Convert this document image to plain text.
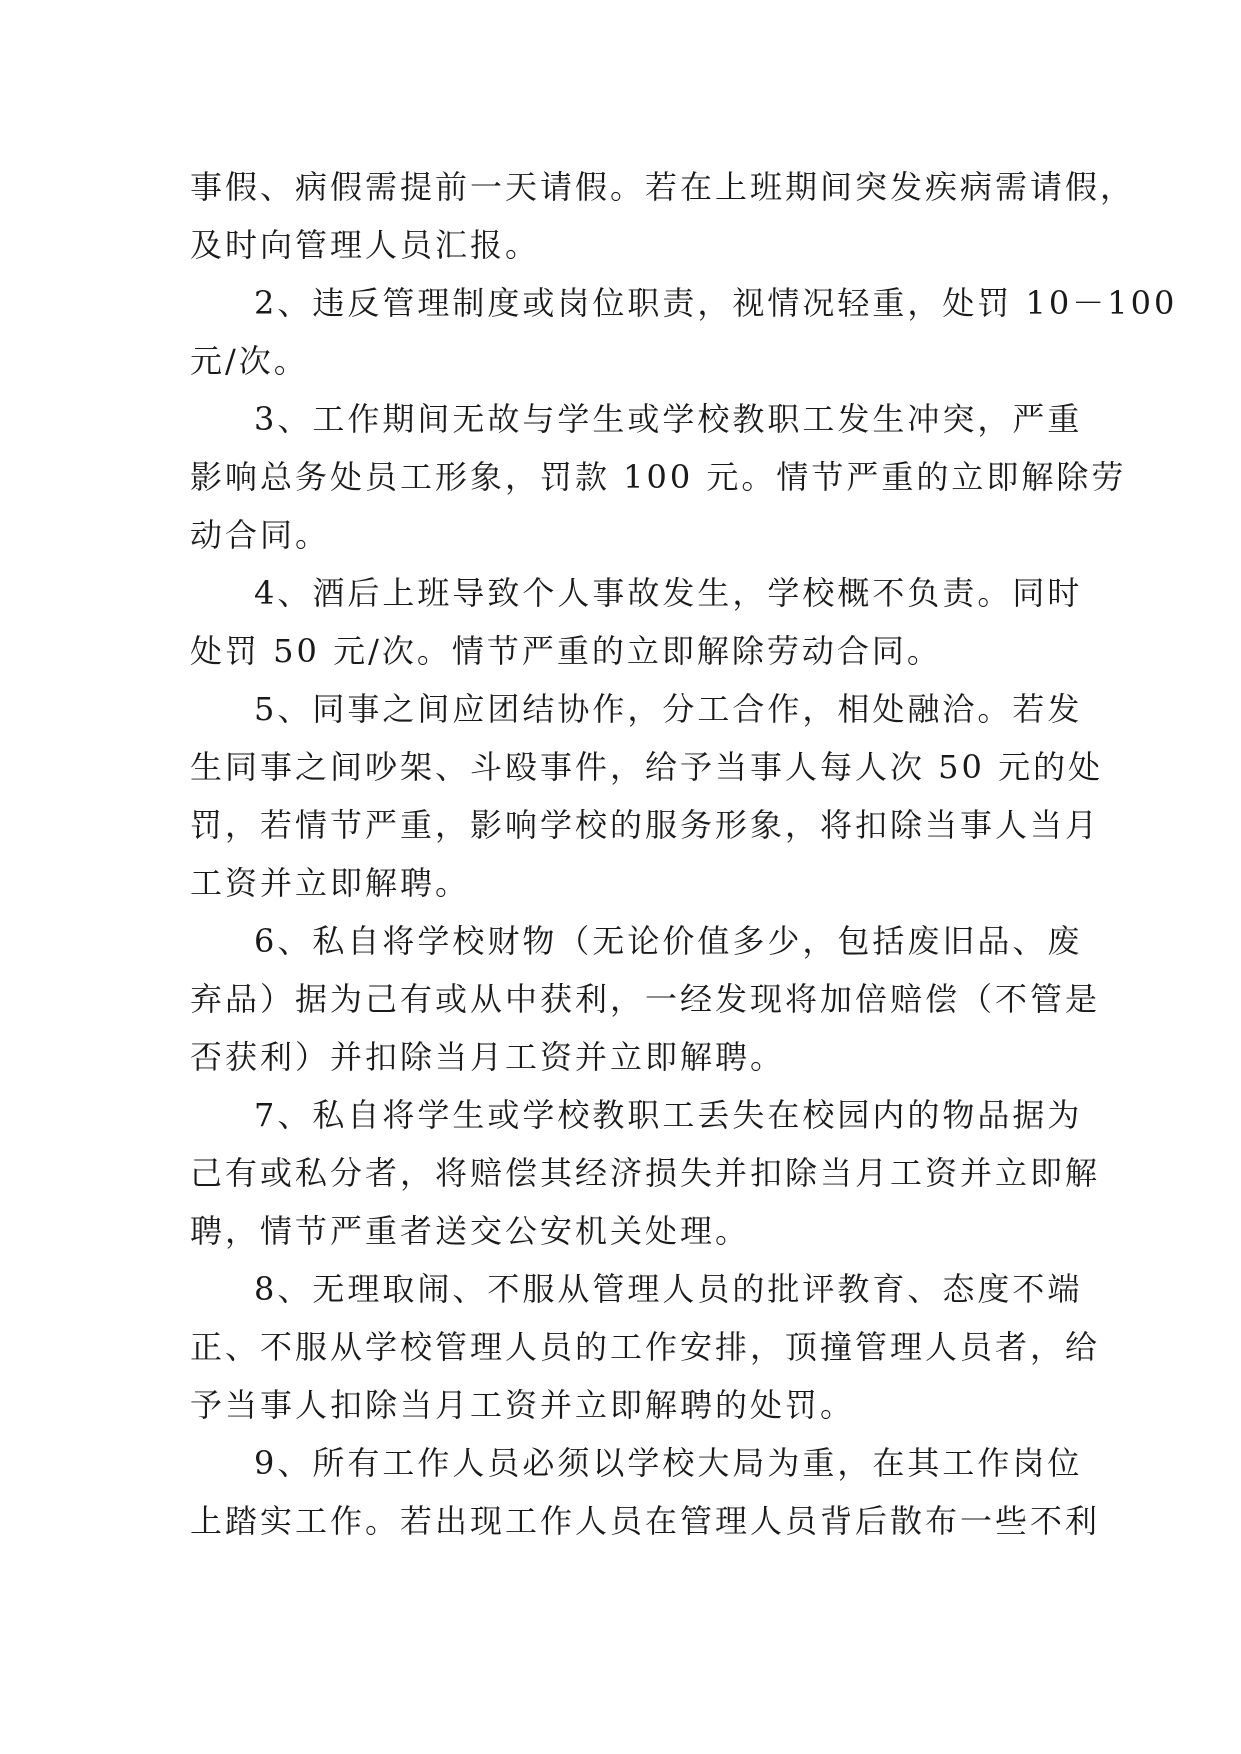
事假、病假需提前一天请假。若在上班期间突发疾病需请假，
及时向管理人员汇报。
2、违反管理制度或岗位职责，视情况轻重，处罚 10－100
元/次。
3、工作期间无故与学生或学校教职工发生冲突，严重
影响总务处员工形象，罚款 100 元。情节严重的立即解除劳
动合同。
4、酒后上班导致个人事故发生，学校概不负责。同时
处罚 50 元/次。情节严重的立即解除劳动合同。
5、同事之间应团结协作，分工合作，相处融洽。若发
生同事之间吵架、斗殴事件，给予当事人每人次 50 元的处
罚，若情节严重，影响学校的服务形象，将扣除当事人当月
工资并立即解聘。
6、私自将学校财物（无论价值多少，包括废旧品、废
弃品）据为己有或从中获利，一经发现将加倍赔偿（不管是
否获利）并扣除当月工资并立即解聘。
7、私自将学生或学校教职工丢失在校园内的物品据为
己有或私分者，将赔偿其经济损失并扣除当月工资并立即解
聘，情节严重者送交公安机关处理。
8、无理取闹、不服从管理人员的批评教育、态度不端
正、不服从学校管理人员的工作安排，顶撞管理人员者，给
予当事人扣除当月工资并立即解聘的处罚。
9、所有工作人员必须以学校大局为重，在其工作岗位
上踏实工作。若出现工作人员在管理人员背后散布一些不利
